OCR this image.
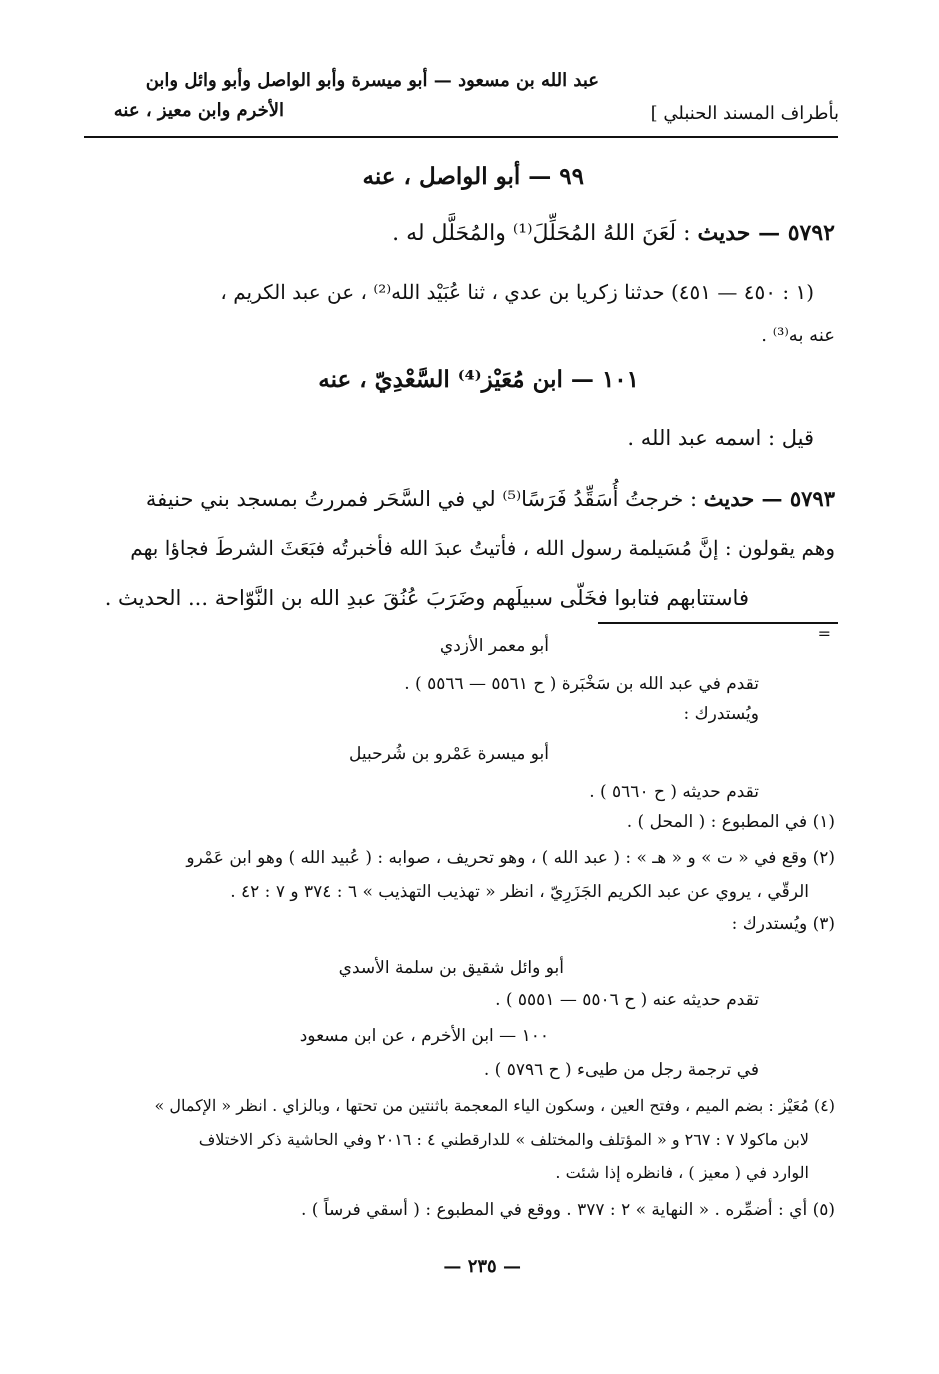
عبد الله بن مسعود — أبو ميسرة وأبو الواصل وأبو وائل وابن
الأخرم وابن معيز ، عنه	بأطراف المسند الحنبلي ]
٩٩ — أبو الواصل ، عنه
٥٧٩٢ — حديث : لَعَنَ اللهُ المُحَلِّلَ⁽¹⁾ والمُحَلَّل له .
(١ : ٤٥٠ — ٤٥١) حدثنا زكريا بن عدي ، ثنا عُبَيْد الله⁽²⁾ ، عن عبد الكريم ،
عنه به⁽³⁾ .
١٠١ — ابن مُعَيْز⁽⁴⁾ السَّعْدِيّ ، عنه
قيل : اسمه عبد الله .
٥٧٩٣ — حديث : خرجتُ أُسَقِّدُ فَرَسًا⁽⁵⁾ لي في السَّحَر فمررتُ بمسجد بني حنيفة
وهم يقولون : إنَّ مُسَيلمة رسول الله ، فأتيتُ عبدَ الله فأخبرتُه فبَعَثَ الشرطَ فجاؤا بهم
فاستتابهم فتابوا فخَلّى سبيلَهم وضَرَبَ عُنُقَ عبدِ الله بن النَّوّاحة ... الحديث .
=
أبو معمر الأزدي
تقدم في عبد الله بن سَخْبَرة ( ح ٥٥٦١ — ٥٥٦٦ ) .
ويُستدرك :
أبو ميسرة عَمْرو بن شُرحبيل
تقدم حديثه ( ح ٥٦٦٠ ) .
(١) في المطبوع : ( المحل ) .
(٢) وقع في « ت » و « هـ » : ( عبد الله ) ، وهو تحريف ، صوابه : ( عُبيد الله ) وهو ابن عَمْرو
الرقّي ، يروي عن عبد الكريم الجَزَرِيّ ، انظر « تهذيب التهذيب » ٦ : ٣٧٤ و ٧ : ٤٢ .
(٣) ويُستدرك :
أبو وائل شقيق بن سلمة الأسدي
تقدم حديثه عنه ( ح ٥٥٠٦ — ٥٥٥١ ) .
١٠٠ — ابن الأخرم ، عن ابن مسعود
في ترجمة رجل من طيىء ( ح ٥٧٩٦ ) .
(٤) مُعَيْز : بضم الميم ، وفتح العين ، وسكون الياء المعجمة باثنتين من تحتها ، وبالزاي . انظر « الإكمال »
لابن ماكولا ٧ : ٢٦٧ و « المؤتلف والمختلف » للدارقطني ٤ : ٢٠١٦ وفي الحاشية ذكر الاختلاف
الوارد في ( معيز ) ، فانظره إذا شئت .
(٥) أي : أضمِّره . « النهاية » ٢ : ٣٧٧ . ووقع في المطبوع : ( أسقي فرساً ) .
— ٢٣٥ —
